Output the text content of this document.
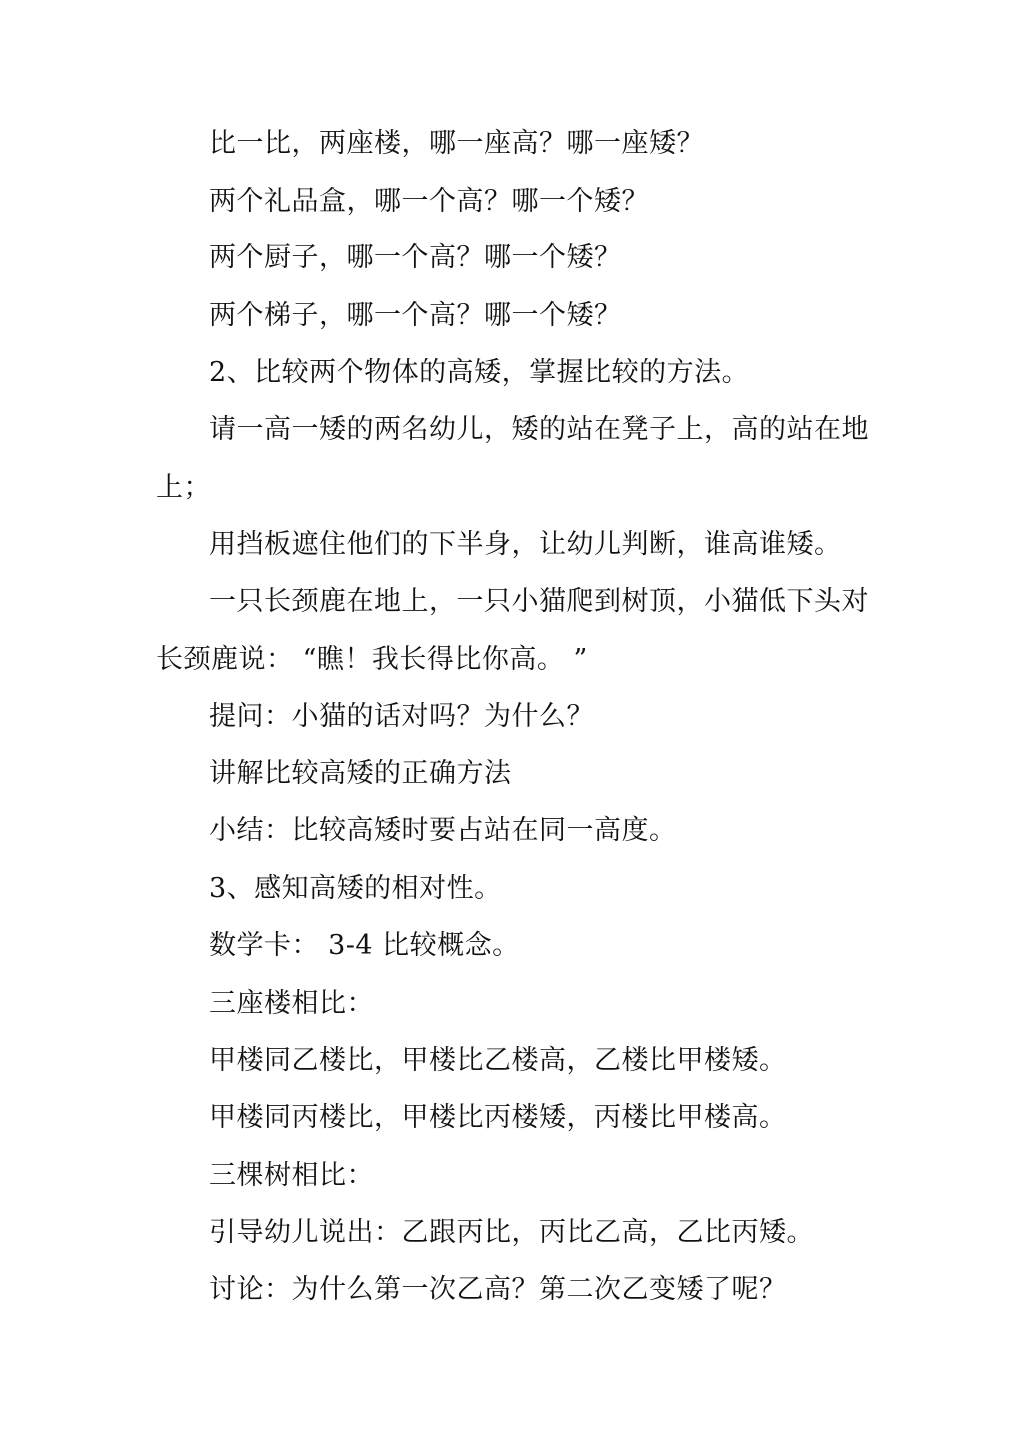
比一比，两座楼，哪一座高？哪一座矮？
两个礼品盒，哪一个高？哪一个矮？
两个厨子，哪一个高？哪一个矮？
两个梯子，哪一个高？哪一个矮？
2、比较两个物体的高矮，掌握比较的方法。
请一高一矮的两名幼儿，矮的站在凳子上，高的站在地
上；
用挡板遮住他们的下半身，让幼儿判断，谁高谁矮。
一只长颈鹿在地上，一只小猫爬到树顶，小猫低下头对
长颈鹿说： “瞧！我长得比你高。 ”
提问：小猫的话对吗？为什么？
讲解比较高矮的正确方法
小结：比较高矮时要占站在同一高度。
3、感知高矮的相对性。
数学卡： 3-4 比较概念。
三座楼相比：
甲楼同乙楼比，甲楼比乙楼高，乙楼比甲楼矮。
甲楼同丙楼比，甲楼比丙楼矮，丙楼比甲楼高。
三棵树相比：
引导幼儿说出：乙跟丙比，丙比乙高，乙比丙矮。
讨论：为什么第一次乙高？第二次乙变矮了呢？
